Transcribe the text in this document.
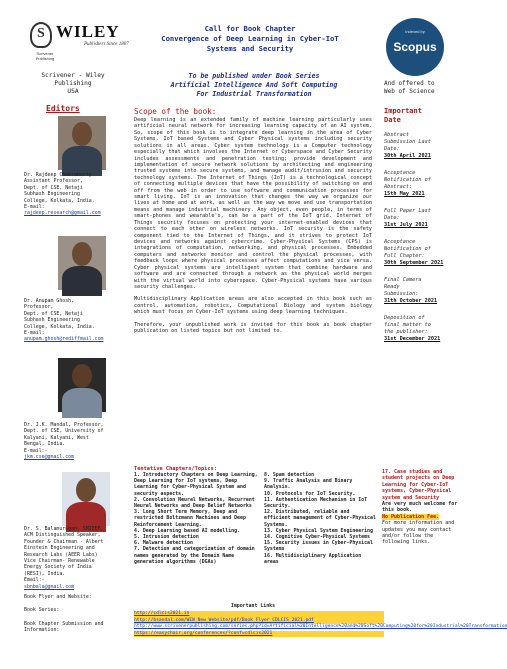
S
Scrivener Publishing
WILEY
Publishers Since 1807
Call for Book Chapter
Convergence of Deep Learning in Cyber-IoT
Systems and Security
Indexed by
Scopus
Scrivener - Wiley
Publishing
USA
To be published under Book Series
Artificial Intelligence And Soft Computing
For Industrial Transformation
And offered to
Web of Science
Editors
Dr. Rajdeep Chakraborty
Assistant Professor,
Dept. of CSE, Netaji
Subhash Engineering
College, Kolkata, India.
E-mail:
rajdeep.research@gmail.com
Dr. Anupam Ghosh,
Professor,
Dept. of CSE, Netaji
Subhash Engineering
College, Kolkata, India.
E-mail:
anupam.ghosh@rediffmail.com
Dr. J.K. Mandal, Professor,
Dept. of CSE, University of
Kalyani, Kalyani, West
Bengal, India.
E-mail:-
jkm.cse@gmail.com
Dr. S. Balamurugan, SMIEEE,
ACM Distinguished Speaker,
Founder & Chairman - Albert
Einstein Engineering and
Research Labs (AEER Labs)
Vice Chairman- Renewable
Energy Society of India
(RESI), India.
Email:-
sbnbala@gmail.com
Book Flyer and Website:
Book Series:
Book Chapter Submission and
Information:
Scope of the book:

Deep learning is an extended family of machine learning particularly uses artificial neural network for increasing learning capacity of an AI system. So, scope of this book is to integrate deep learning in the area of Cyber Systems, IoT based Systems and Cyber Physical systems including security solutions in all areas. Cyber system technology is a Computer technology especially that which involves the Internet or Cyberspace and Cyber Security includes assessments and penetration testing; provide development and implementation of secure network solutions by architecting and engineering trusted systems into secure systems, and manage audit/intrusion and security technology systems. The Internet of Things (IoT) is a technological concept of connecting multiple devices that have the possibility of switching on and off from the web in order to use software and communication processes for smart living. IoT is an innovation that changes the way we organize our lives at home and at work, as well as the way we move and use transportation means and manage industrial machinery. Any object, even people, in terms of smart-phones and wearable's, can be a part of the IoT grid. Internet of Things security focuses on protecting your internet-enabled devices that connect to each other on wireless networks. IoT security is the safety component tied to the Internet of Things, and it strives to protect IoT devices and networks against cybercrime. Cyber-Physical Systems (CPS) is integrations of computation, networking, and physical processes. Embedded computers and networks monitor and control the physical processes, with feedback loops where physical processes affect computations and vice versa. Cyber physical systems are intelligent system that combine hardware and software and are connected through a network as the physical world merges with the virtual world into cyberspace. Cyber-Physical systems have various security challenges.

Multidisciplinary Application areas are also accepted in this book such as control, automation, robotics, Computational Biology and system biology which must focus on Cyber-IoT systems using deep learning techniques.

Therefore, your unpublished work is invited for this book as book chapter publication on listed topics but not limited to.

Tentative Chapters/Topics:
1. Introductory Chapters on Deep Learning, Deep Learning for IoT systems, Deep Learning for Cyber-Physical System and security aspects.
2. Convolution Neural Networks, Recurrent Neural Networks and Deep Belief Networks
3. Long Short Term Memory, Deep and restricted Boltzmann Machines and Deep Reinforcement Learning.
4. Deep Learning based AI modelling.
5. Intrusion detection
6. Malware detection
7. Detection and categorization of domain names generated by the Domain Name generation algorithms (DGAs)
8. Spam detection
9. Traffic Analysis and Binary Analysis.
10. Protocols for IoT Security.
11. Authentication Mechanism in IoT Security.
12. Distributed, reliable and efficient management of Cyber-Physical Systems.
13. Cyber Physical System Engineering
14. Cognitive Cyber-Physical Systems
15. Security issues in Cyber-Physical Systems
16. Multidisciplinary Application areas
Important Links
http://cdlcis2021.in
http://bsandal.com/WEW New Website/pdf/Book Flyer CDLCIS 2021.pdf
http://www.scrivenerpublishing.com/series.php?id=Artificial%20Intelligence%20and%20Soft%20Computing%20for%20Industrial%20Transformation
https://easychair.org/conferences/?conf=cdlcis2021
Important
Date
Abstract
Submission Last
Date:
30th April 2021
Acceptance
Notification of
Abstract:
15th May 2021
Full Paper Last
Date:
31st July 2021
Acceptance
Notification of
Full Chapter:
30th September 2021
Final Camera
Ready
Submission:
31th October 2021
Deposition of
final matter to
the publisher:
31st December 2021
17. Case studies and student projects on Deep Learning for Cyber-IoT systems, Cyber-Physical system and Security
Are very much welcome for this book.
No Publication Fee.
For more information and updates you may contact and/or follow the following links.
